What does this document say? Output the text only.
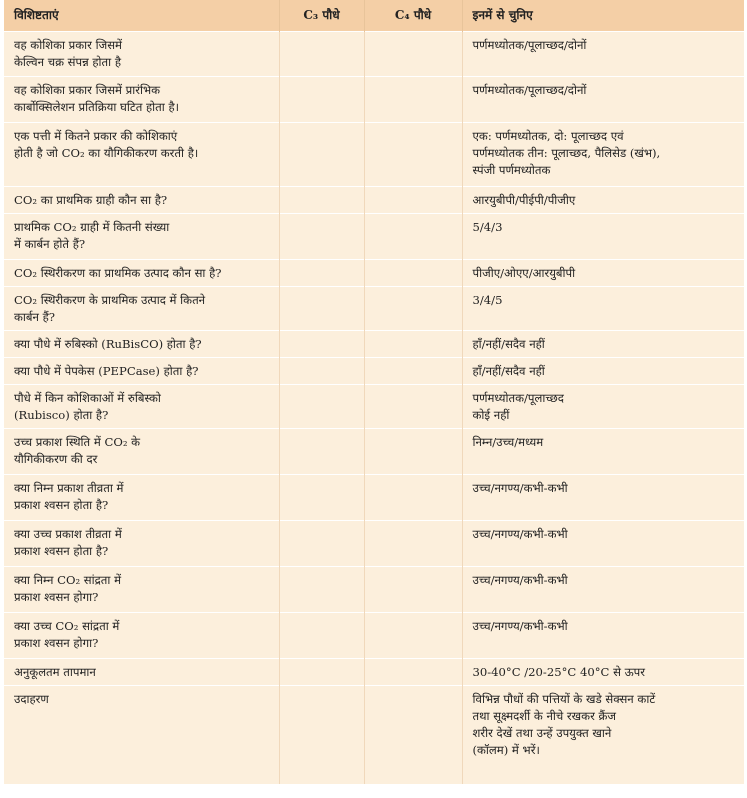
विशिष्टताएं	C₃ पौधे	C₄ पौधे	इनमें से चुनिए
वह कोशिका प्रकार जिसमें
केल्विन चक्र संपन्न होता है			पर्णमध्योतक/पूलाच्छद/दोनों
वह कोशिका प्रकार जिसमें प्रारंभिक
कार्बोक्सिलेशन प्रतिक्रिया घटित होता है।			पर्णमध्योतक/पूलाच्छद/दोनों
एक पत्ती में कितने प्रकार की कोशिकाएं
होती है जो CO₂ का यौगिकीकरण करती है।			एक: पर्णमध्योतक, दो: पूलाच्छद एवं
पर्णमध्योतक तीन: पूलाच्छद, पैलिसेड (खंभ),
स्पंजी पर्णमध्योतक
CO₂ का प्राथमिक ग्राही कौन सा है?			आरयुबीपी/पीईपी/पीजीए
प्राथमिक CO₂ ग्राही में कितनी संख्या
में कार्बन होते हैं?			5/4/3
CO₂ स्थिरीकरण का प्राथमिक उत्पाद कौन सा है?			पीजीए/ओएए/आरयुबीपी
CO₂ स्थिरीकरण के प्राथमिक उत्पाद में कितने
कार्बन हैं?			3/4/5
क्या पौधे में रुबिस्को (RuBisCO) होता है?			हाँ/नहीं/सदैव नहीं
क्या पौधे में पेपकेस (PEPCase) होता है?			हाँ/नहीं/सदैव नहीं
पौधे में किन कोशिकाओं में रुबिस्को
(Rubisco) होता है?			पर्णमध्योतक/पूलाच्छद
कोई नहीं
उच्च प्रकाश स्थिति में CO₂ के
यौगिकीकरण की दर			निम्न/उच्च/मध्यम
क्या निम्न प्रकाश तीव्रता में
प्रकाश श्वसन होता है?			उच्च/नगण्य/कभी-कभी
क्या उच्च प्रकाश तीव्रता में
प्रकाश श्वसन होता है?			उच्च/नगण्य/कभी-कभी
क्या निम्न CO₂ सांद्रता में
प्रकाश श्वसन होगा?			उच्च/नगण्य/कभी-कभी
क्या उच्च CO₂ सांद्रता में
प्रकाश श्वसन होगा?			उच्च/नगण्य/कभी-कभी
अनुकूलतम तापमान			30-40°C /20-25°C 40°C से ऊपर
उदाहरण			विभिन्न पौधों की पत्तियों के खडे सेक्सन काटें
तथा सूक्ष्मदर्शी के नीचे रखकर क्रैंज
शरीर देखें तथा उन्हें उपयुक्त खाने
(कॉलम) में भरें।
